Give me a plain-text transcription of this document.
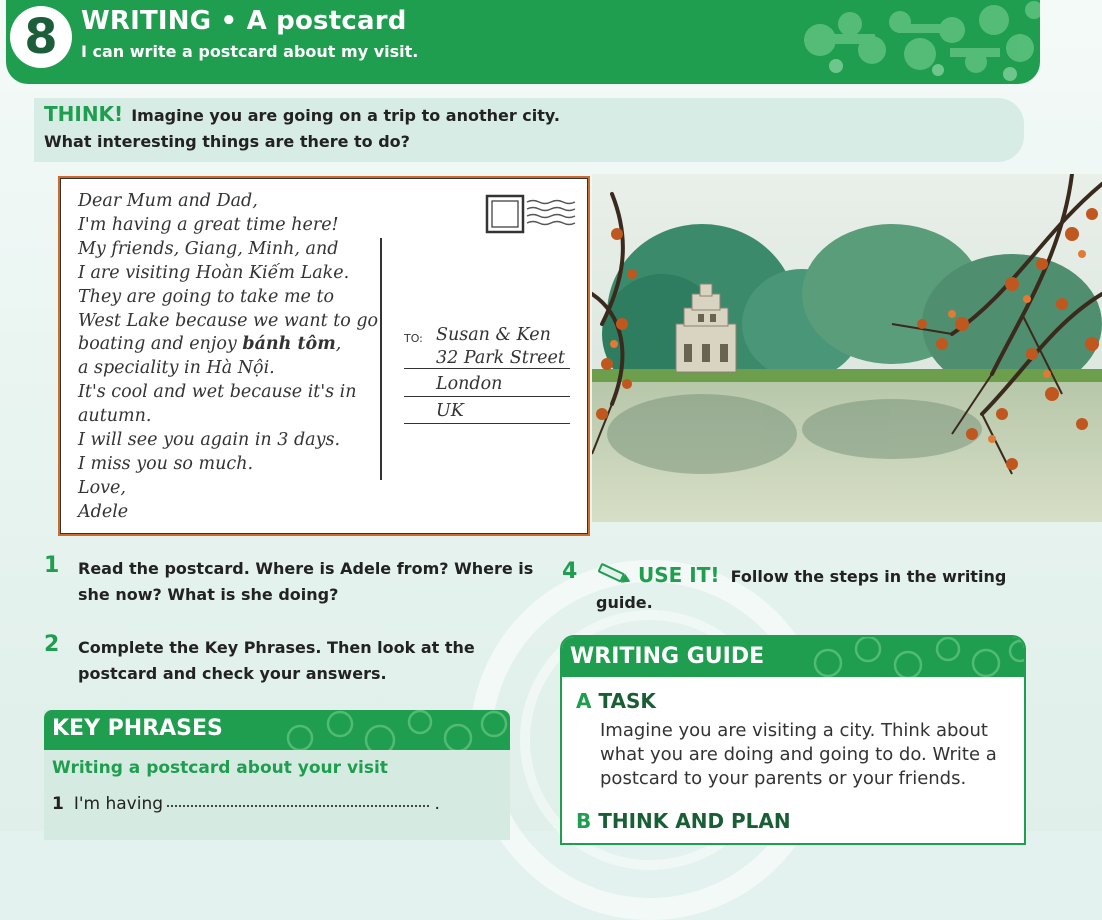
8 WRITING • A postcard
I can write a postcard about my visit.
THINK! Imagine you are going on a trip to another city.
What interesting things are there to do?
Dear Mum and Dad,
I'm having a great time here!
My friends, Giang, Minh, and
I are visiting Hoàn Kiếm Lake.
They are going to take me to
West Lake because we want to go
boating and enjoy bánh tôm,
a speciality in Hà Nội.
It's cool and wet because it's in
autumn.
I will see you again in 3 days.
I miss you so much.
Love,
Adele
TO: Susan & Ken
32 Park Street
London
UK
1 Read the postcard. Where is Adele from? Where is
she now? What is she doing?
2 Complete the Key Phrases. Then look at the
postcard and check your answers.
KEY PHRASES
Writing a postcard about your visit
1 I'm having	.
4	USE IT! Follow the steps in the writing
guide.
WRITING GUIDE
A TASK
Imagine you are visiting a city. Think about what you are doing and going to do. Write a postcard to your parents or your friends.
B THINK AND PLAN
